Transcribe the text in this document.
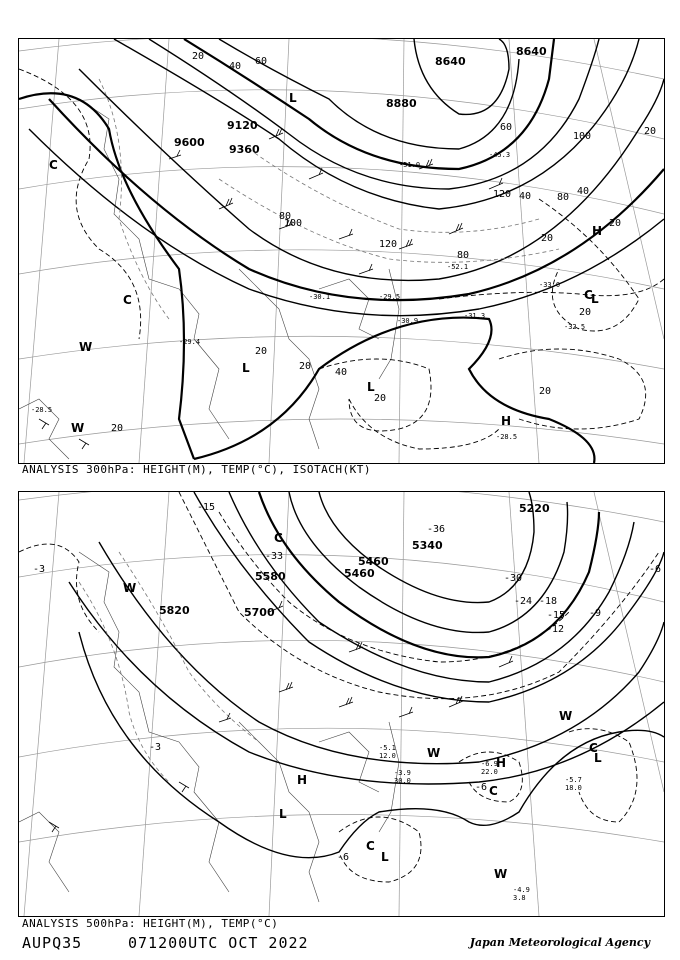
9600
9360
9120
8880
8640
8640
20
40 60
80
100
120
80
40
20
20
20
40
20
20
20
100
80
60
40
20
20
120
20
-28.5
-29.4
-30.1
-30.9
-31.3
-32.5
-28.5
-29.5
-33.0
-45.3
-51.0
-52.1
C
C
W
L
L
H
H
L
C
L
W
ANALYSIS 300hPa: HEIGHT(M), TEMP(°C), ISOTACH(KT)
5820	5700
5580	5460
5340
5220
5460
-15
-3
-33
-36
-30
-24 -18
-15
-12
-9
-6
-6
-3
-6
-3.9
30.0
-6.9
22.0
-5.7
18.0
-4.9
3.8
-5.1
12.0
W
C
H
L
C
L
H
C
W
W
C
W
L
ANALYSIS 500hPa: HEIGHT(M), TEMP(°C)
AUPQ35	071200UTC OCT 2022	Japan Meteorological Agency
